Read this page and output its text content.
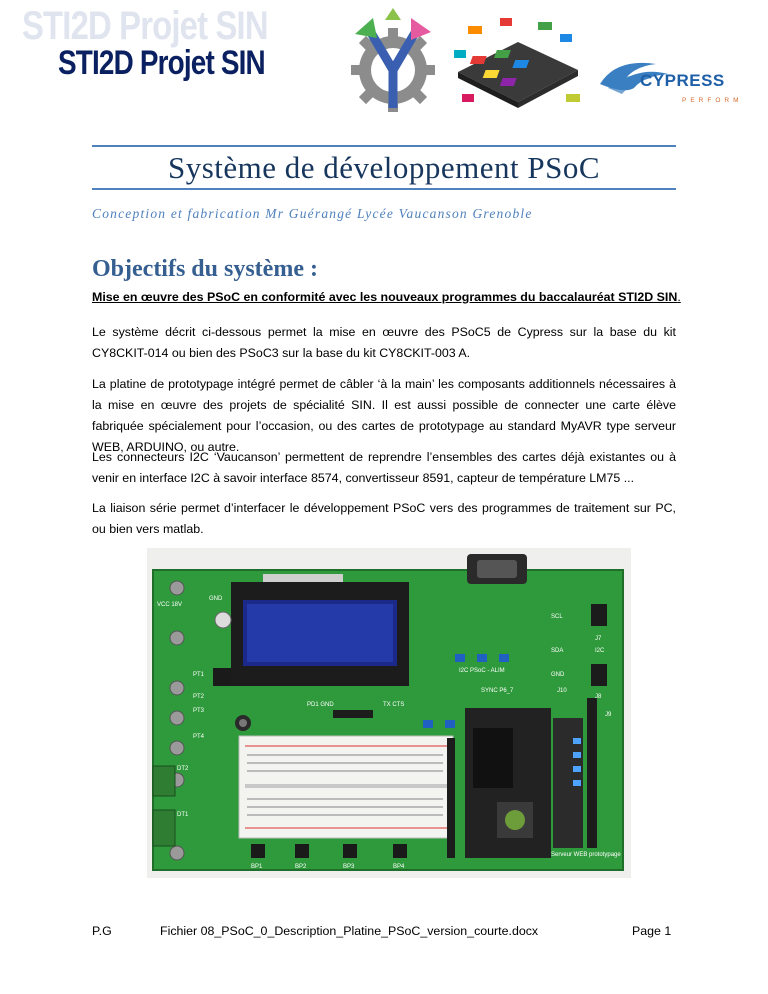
STI2D Projet SIN
STI2D Projet SIN	CYPRESS
PERFORM
Système de développement PSoC
Conception et fabrication Mr Guérangé Lycée Vaucanson Grenoble
Objectifs du système :
Mise en œuvre des PSoC en conformité avec les nouveaux programmes du baccalauréat STI2D SIN.

Le système décrit ci-dessous permet la mise en œuvre des PSoC5 de Cypress sur la base du kit CY8CKIT-014 ou bien des PSoC3 sur la base du kit CY8CKIT-003 A.

La platine de prototypage intégré permet de câbler ‘à la main’ les composants additionnels nécessaires à la mise en œuvre des projets de spécialité SIN. Il est aussi possible de connecter une carte élève fabriquée spécialement pour l’occasion, ou des cartes de prototypage au standard MyAVR type serveur WEB, ARDUINO, ou autre.

Les connecteurs I2C ‘Vaucanson’ permettent de reprendre l’ensembles des cartes déjà existantes ou à venir en interface I2C à savoir interface 8574, convertisseur 8591, capteur de température LM75 ...

La liaison série permet d’interfacer le développement PSoC vers des programmes de traitement sur PC, ou bien vers matlab.

VCC 18V
GND
PT1
PT2
PT3
PT4
DT2
DT1
SCL
SDA
GND
J7
I2C
J8
J9
J10
SYNC P6_7
I2C PSoC - ALIM
Serveur WEB prototypage
PD1 GND	TX CTS
BP1	BP2	BP3	BP4
P.G	Fichier 08_PSoC_0_Description_Platine_PSoC_version_courte.docx	Page 1
